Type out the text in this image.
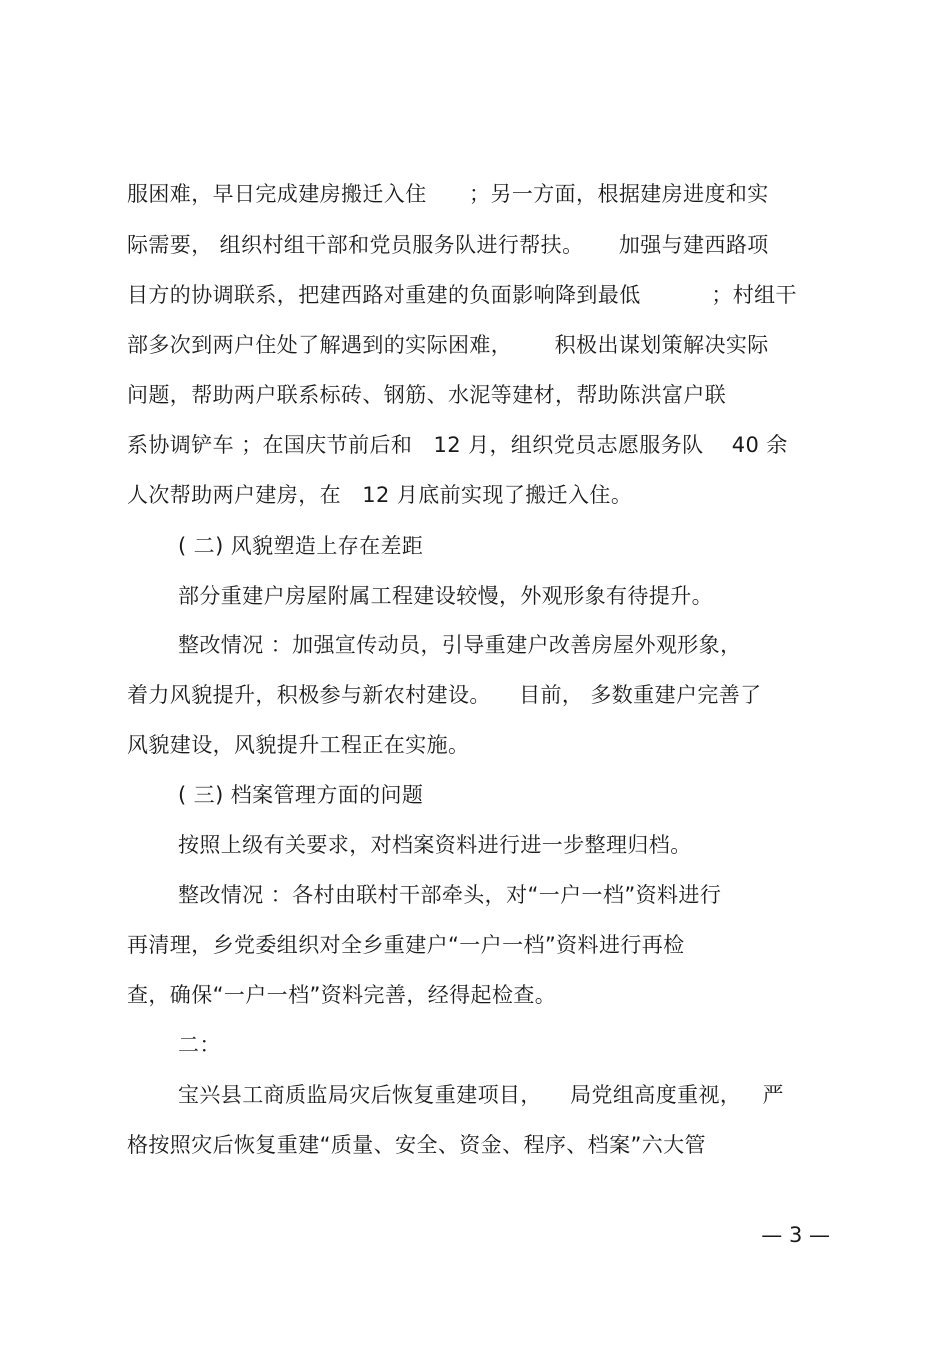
服困难，早日完成建房搬迁入住      ；另一方面，根据建房进度和实
际需要， 组织村组干部和党员服务队进行帮扶。     加强与建西路项
目方的协调联系，把建西路对重建的负面影响降到最低          ；村组干
部多次到两户住处了解遇到的实际困难，      积极出谋划策解决实际
问题，帮助两户联系标砖、钢筋、水泥等建材，帮助陈洪富户联
系协调铲车 ；在国庆节前后和   12 月，组织党员志愿服务队    40 余
人次帮助两户建房，在   12 月底前实现了搬迁入住。
( 二) 风貌塑造上存在差距
部分重建户房屋附属工程建设较慢，外观形象有待提升。
整改情况 ：加强宣传动员，引导重建户改善房屋外观形象，
着力风貌提升，积极参与新农村建设。    目前， 多数重建户完善了
风貌建设，风貌提升工程正在实施。
( 三) 档案管理方面的问题
按照上级有关要求，对档案资料进行进一步整理归档。
整改情况 ：各村由联村干部牵头，对“一户一档”资料进行
再清理，乡党委组织对全乡重建户“一户一档”资料进行再检
查，确保“一户一档”资料完善，经得起检查。
二：
宝兴县工商质监局灾后恢复重建项目，    局党组高度重视，   严
格按照灾后恢复重建“质量、安全、资金、程序、档案”六大管
— 3 —
